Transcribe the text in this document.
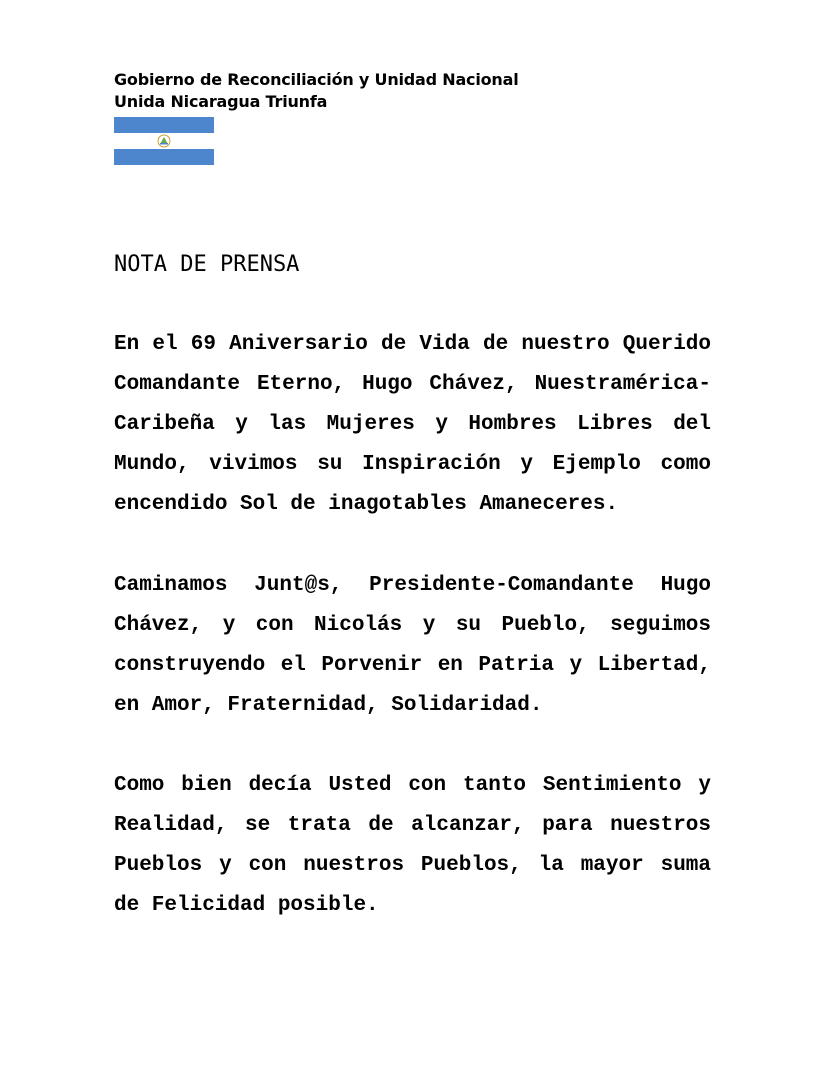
Gobierno de Reconciliación y Unidad Nacional
Unida Nicaragua Triunfa
NOTA DE PRENSA
En el 69 Aniversario de Vida de nuestro Querido Comandante Eterno, Hugo Chávez, Nuestramérica-Caribeña y las Mujeres y Hombres Libres del Mundo, vivimos su Inspiración y Ejemplo como encendido Sol de inagotables Amaneceres.
Caminamos Junt@s, Presidente-Comandante Hugo Chávez, y con Nicolás y su Pueblo, seguimos construyendo el Porvenir en Patria y Libertad, en Amor, Fraternidad, Solidaridad.
Como bien decía Usted con tanto Sentimiento y Realidad, se trata de alcanzar, para nuestros Pueblos y con nuestros Pueblos, la mayor suma de Felicidad posible.
